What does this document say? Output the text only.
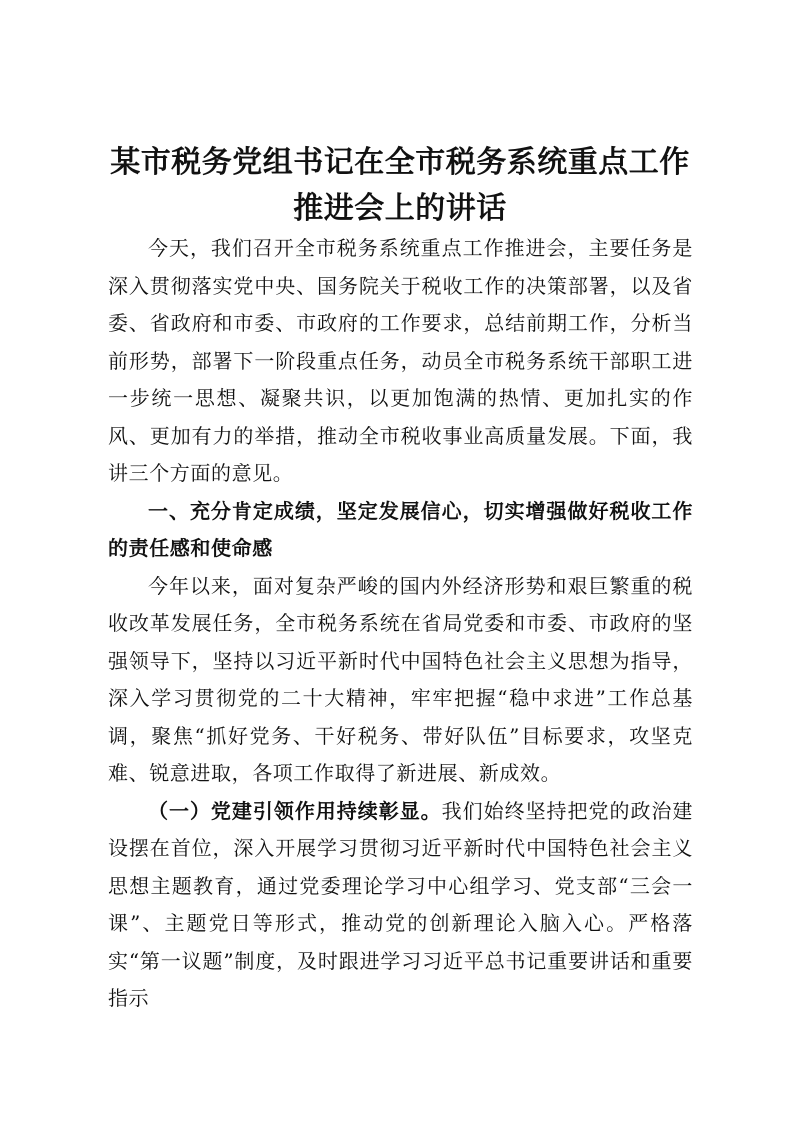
某市税务党组书记在全市税务系统重点工作推进会上的讲话

今天，我们召开全市税务系统重点工作推进会，主要任务是深入贯彻落实党中央、国务院关于税收工作的决策部署，以及省委、省政府和市委、市政府的工作要求，总结前期工作，分析当前形势，部署下一阶段重点任务，动员全市税务系统干部职工进一步统一思想、凝聚共识，以更加饱满的热情、更加扎实的作风、更加有力的举措，推动全市税收事业高质量发展。下面，我讲三个方面的意见。

一、充分肯定成绩，坚定发展信心，切实增强做好税收工作的责任感和使命感

今年以来，面对复杂严峻的国内外经济形势和艰巨繁重的税收改革发展任务，全市税务系统在省局党委和市委、市政府的坚强领导下，坚持以习近平新时代中国特色社会主义思想为指导，深入学习贯彻党的二十大精神，牢牢把握“稳中求进”工作总基调，聚焦“抓好党务、干好税务、带好队伍”目标要求，攻坚克难、锐意进取，各项工作取得了新进展、新成效。

（一）党建引领作用持续彰显。我们始终坚持把党的政治建设摆在首位，深入开展学习贯彻习近平新时代中国特色社会主义思想主题教育，通过党委理论学习中心组学习、党支部“三会一课”、主题党日等形式，推动党的创新理论入脑入心。严格落实“第一议题”制度，及时跟进学习习近平总书记重要讲话和重要指示
